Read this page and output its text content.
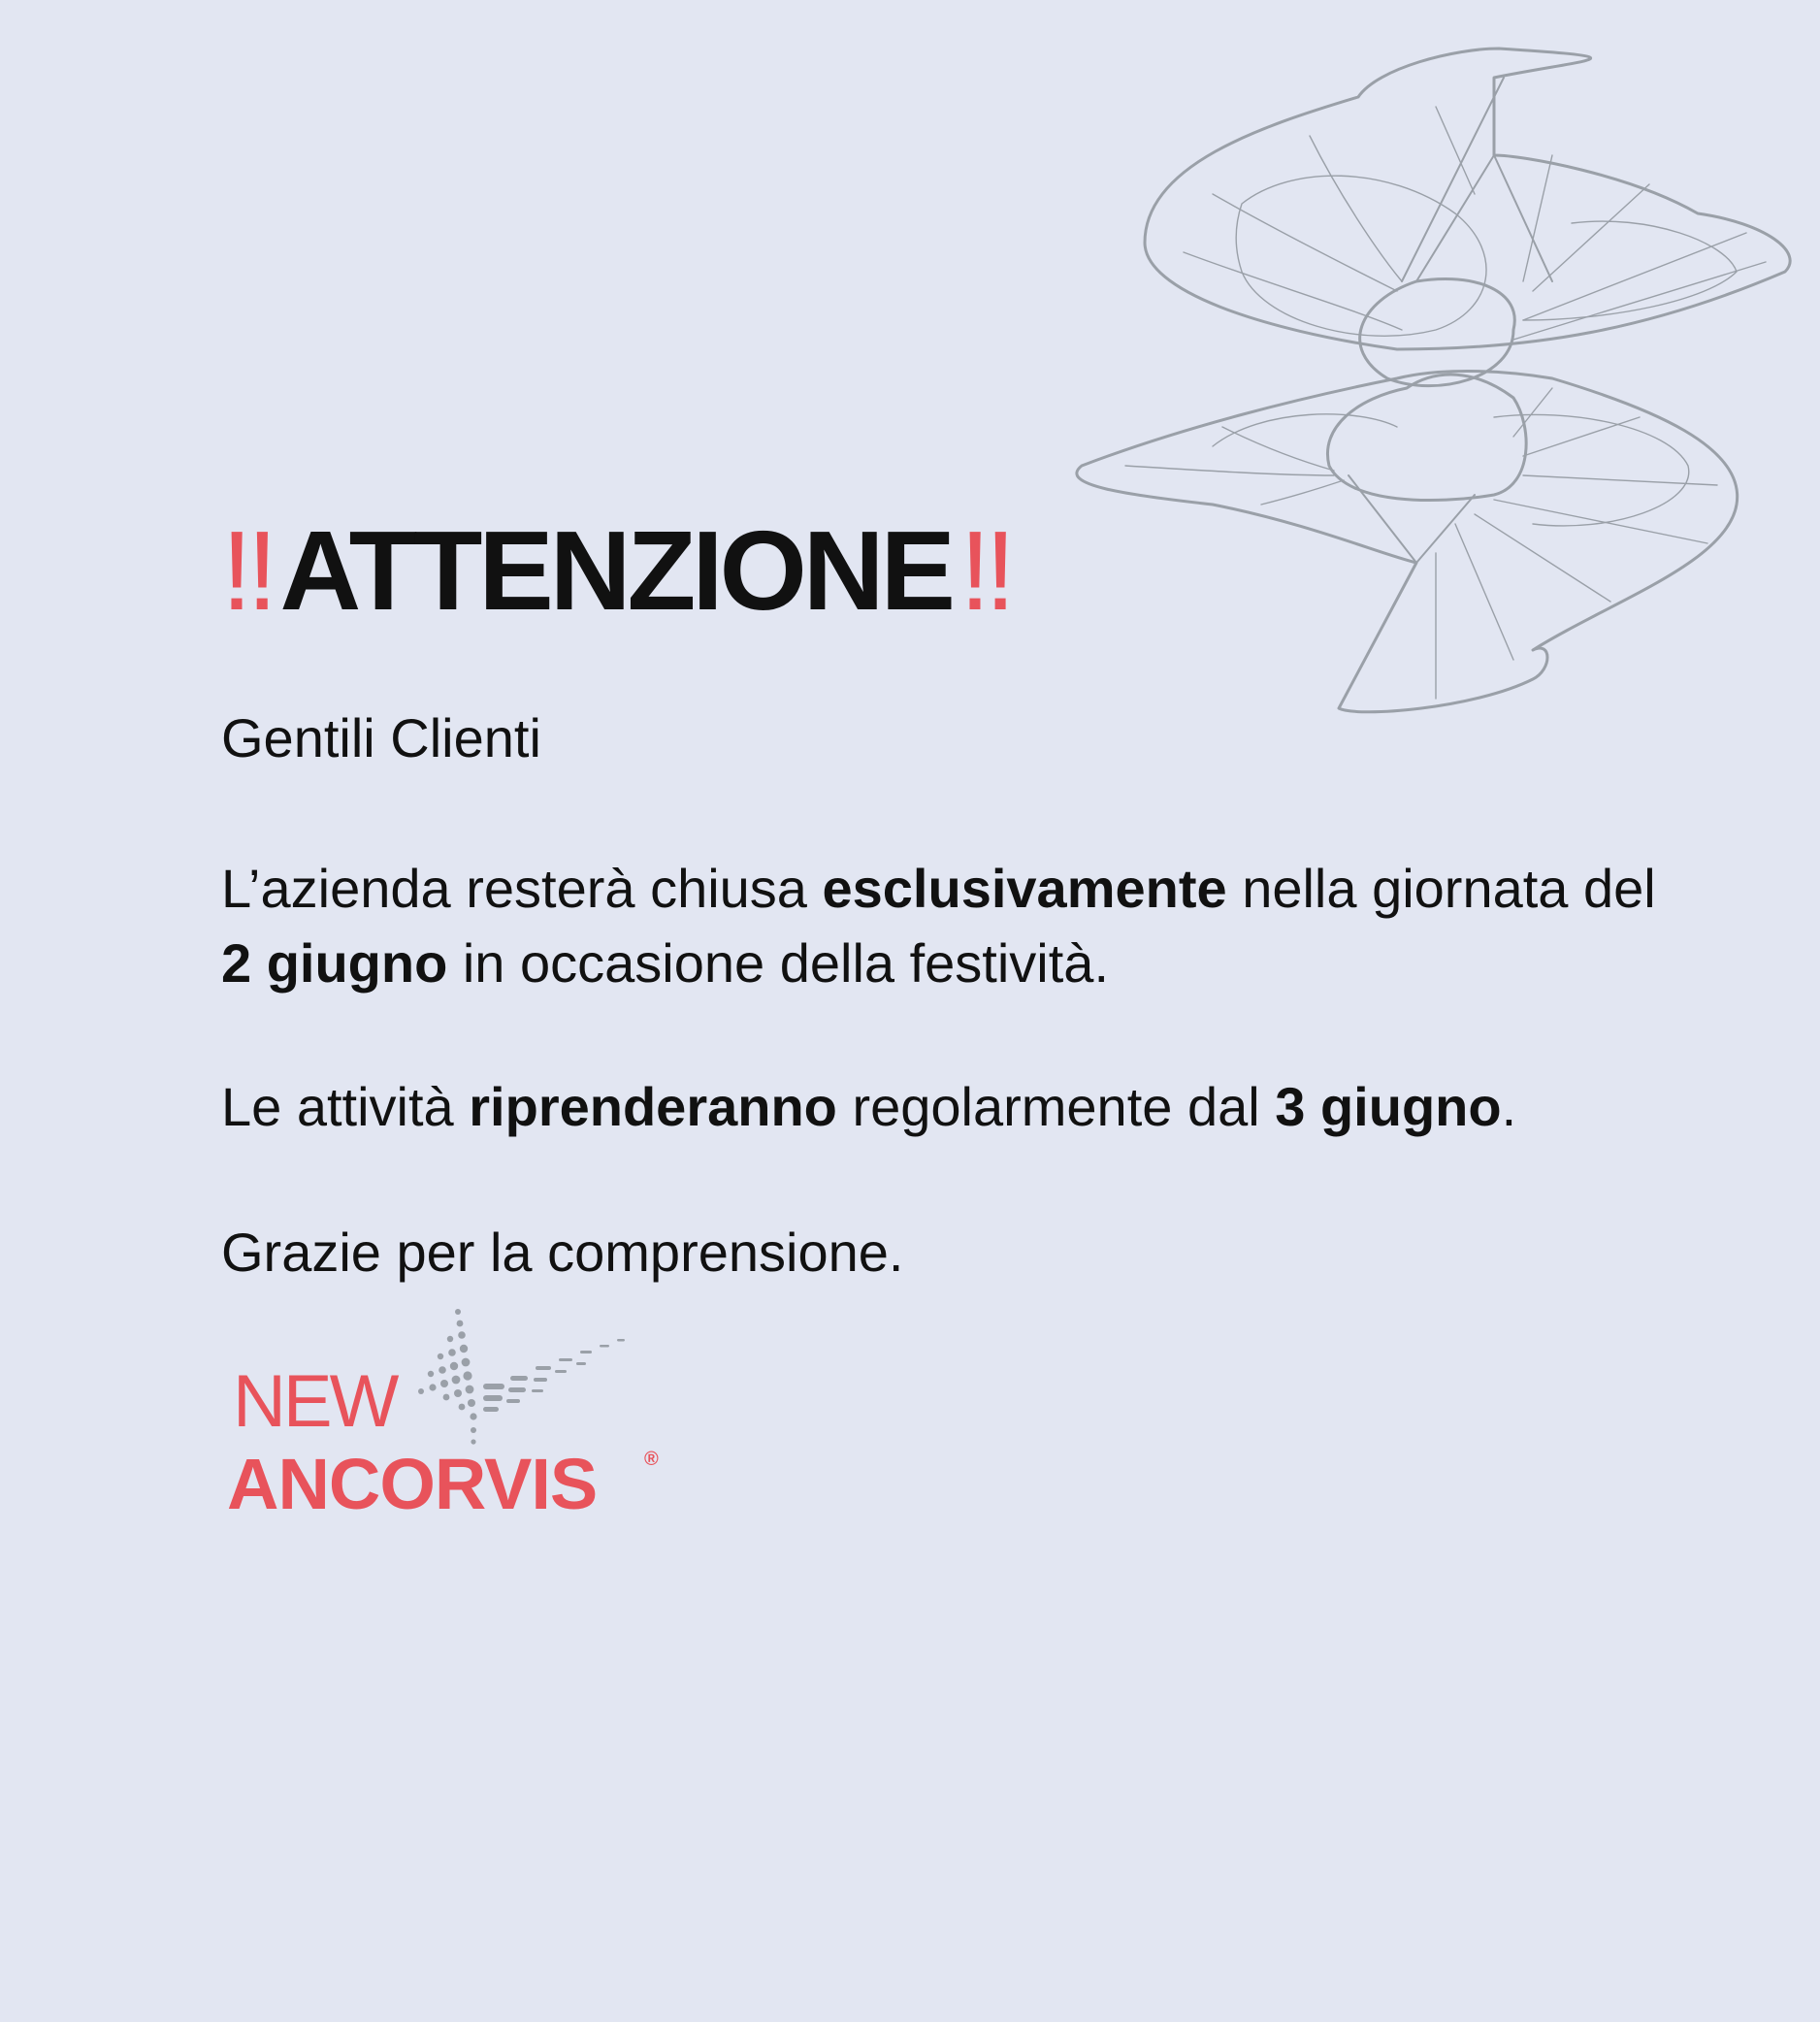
!!ATTENZIONE!!

Gentili Clienti

L’azienda resterà chiusa esclusivamente nella giornata del
2 giugno in occasione della festività.

Le attività riprenderanno regolarmente dal 3 giugno.

Grazie per la comprensione.

NEW
ANCORVIS ®
